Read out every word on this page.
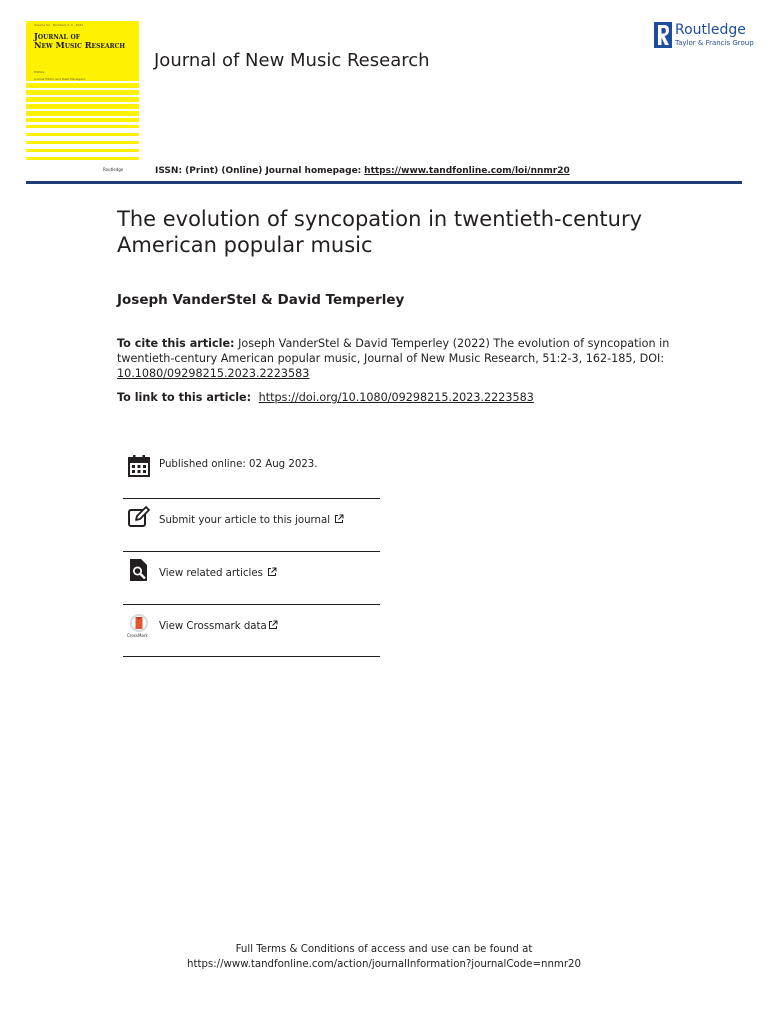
Volume 51 · Numbers 2–3 · 2022
Journal of
New Music Research
Editors
Journal Editor and Desk Managers
Routledge
Journal of New Music Research
Routledge
Taylor & Francis Group
ISSN: (Print) (Online) Journal homepage: https://www.tandfonline.com/loi/nnmr20
The evolution of syncopation in twentieth-century American popular music
Joseph VanderStel & David Temperley
To cite this article: Joseph VanderStel & David Temperley (2022) The evolution of syncopation in twentieth-century American popular music, Journal of New Music Research, 51:2-3, 162-185, DOI: 10.1080/09298215.2023.2223583
To link to this article: https://doi.org/10.1080/09298215.2023.2223583
Published online: 02 Aug 2023.
Submit your article to this journal
View related articles
CrossMark
View Crossmark data
Full Terms & Conditions of access and use can be found at
https://www.tandfonline.com/action/journalInformation?journalCode=nnmr20
